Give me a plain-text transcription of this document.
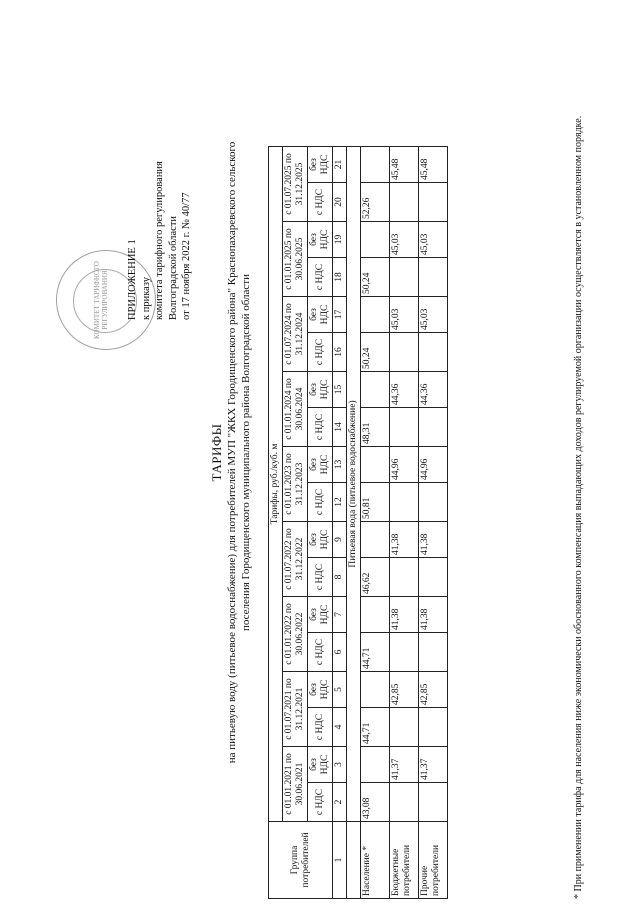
КОМИТЕТ ТАРИФНОГО РЕГУЛИРОВАНИЯ ПРИЛОЖЕНИЕ 1 к приказу комитета тарифного регулирования Волгоградской области от 17 ноября 2022 г. № 40/77
ТАРИФЫ на питьевую воду (питьевое водоснабжение) для потребителей МУП "ЖКХ Городищенского района" Краснопахаревского сельского поселения Городищенского муниципального района Волгоградской области
Группа потребителей	Тарифы, руб./куб. м																	
	с 01.01.2021 по 30.06.2021		с 01.07.2021 по 31.12.2021		с 01.01.2022 по 30.06.2022		с 01.07.2022 по 31.12.2022		с 01.01.2023 по 31.12.2023		с 01.01.2024 по 30.06.2024		с 01.07.2024 по 31.12.2024		с 01.01.2025 по 30.06.2025		с 01.07.2025 по 31.12.2025	
	с НДС	без НДС	с НДС	без НДС	с НДС	без НДС	с НДС	без НДС	с НДС	без НДС	с НДС	без НДС	с НДС	без НДС	с НДС	без НДС	с НДС	без НДС
1	2	3	4	5	6	7	8	9	12	13	14	15	16	17	18	19	20	21
	Питьевая вода (питьевое водоснабжение)																	
Население *	43,08		44,71		44,71		46,62		50,81		48,31		50,24		50,24		52,26	
Бюджетные потребители		41,37		42,85		41,38		41,38		44,96		44,36		45,03		45,03		45,48
Прочие потребители		41,37		42,85		41,38		41,38		44,96		44,36		45,03		45,03		45,48	* При применении тарифа для населения ниже экономически обоснованного компенсация выпадающих доходов регулируемой организации осуществляется в установленном порядке.
